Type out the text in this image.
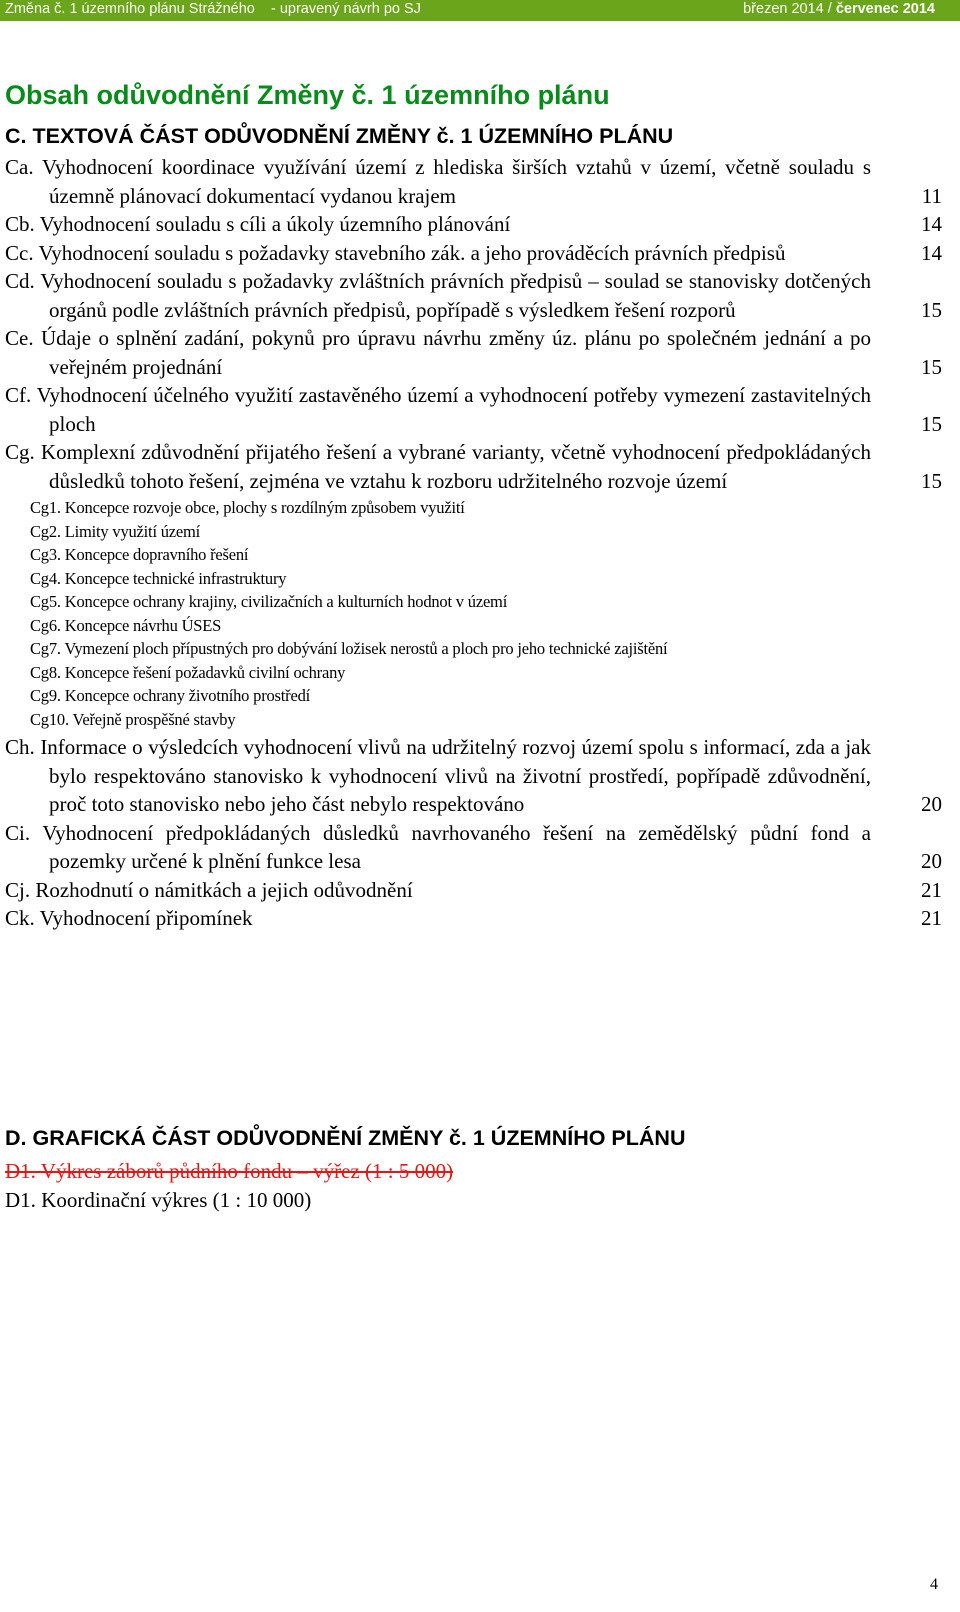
Změna č. 1 územního plánu Strážného    - upravený návrh po SJ	březen 2014 / červenec 2014
Obsah odůvodnění Změny č. 1 územního plánu
C. TEXTOVÁ ČÁST ODŮVODNĚNÍ ZMĚNY č. 1 ÚZEMNÍHO PLÁNU
Ca. Vyhodnocení koordinace využívání území z hlediska širších vztahů v území, včetně souladu s územně plánovací dokumentací vydanou krajem	11
Cb. Vyhodnocení souladu s cíli a úkoly územního plánování	14
Cc. Vyhodnocení souladu s požadavky stavebního zák. a jeho prováděcích právních předpisů	14
Cd. Vyhodnocení souladu s požadavky zvláštních právních předpisů – soulad se stanovisky dotčených orgánů podle zvláštních právních předpisů, popřípadě s výsledkem řešení rozporů	15
Ce. Údaje o splnění zadání, pokynů pro úpravu návrhu změny úz. plánu po společném jednání a po veřejném projednání	15
Cf. Vyhodnocení účelného využití zastavěného území a vyhodnocení potřeby vymezení zastavitelných ploch	15
Cg. Komplexní zdůvodnění přijatého řešení a vybrané varianty, včetně vyhodnocení předpokládaných důsledků tohoto řešení, zejména ve vztahu k rozboru udržitelného rozvoje území	15
Cg1. Koncepce rozvoje obce, plochy s rozdílným způsobem využití
Cg2. Limity využití území
Cg3. Koncepce dopravního řešení
Cg4. Koncepce technické infrastruktury
Cg5. Koncepce ochrany krajiny, civilizačních a kulturních hodnot v území
Cg6. Koncepce návrhu ÚSES
Cg7. Vymezení ploch přípustných pro dobývání ložisek nerostů a ploch pro jeho technické zajištění
Cg8. Koncepce řešení požadavků civilní ochrany
Cg9. Koncepce ochrany životního prostředí
Cg10. Veřejně prospěšné stavby
Ch. Informace o výsledcích vyhodnocení vlivů na udržitelný rozvoj území spolu s informací, zda a jak bylo respektováno stanovisko k vyhodnocení vlivů na životní prostředí, popřípadě zdůvodnění, proč toto stanovisko nebo jeho část nebylo respektováno	20
Ci. Vyhodnocení předpokládaných důsledků navrhovaného řešení na zemědělský půdní fond a pozemky určené k plnění funkce lesa	20
Cj. Rozhodnutí o námitkách a jejich odůvodnění	21
Ck. Vyhodnocení připomínek	21
D. GRAFICKÁ ČÁST ODŮVODNĚNÍ ZMĚNY č. 1 ÚZEMNÍHO PLÁNU
D1. Výkres záborů půdního fondu – výřez (1 : 5 000)
D1. Koordinační výkres (1 : 10 000)
4
